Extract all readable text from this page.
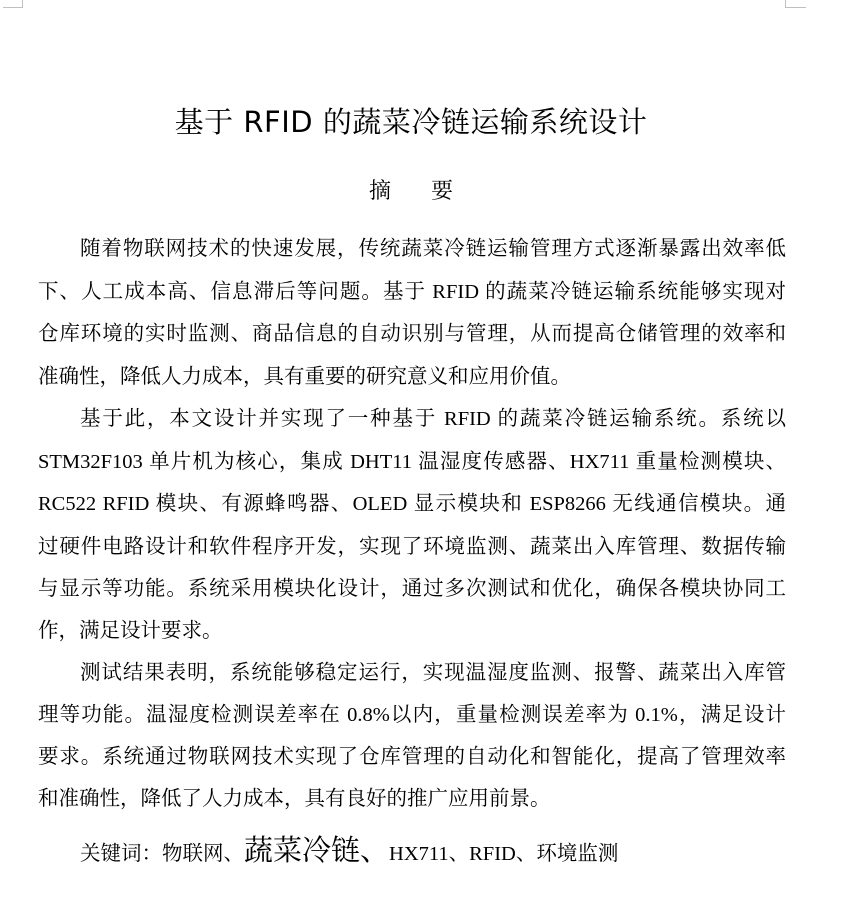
基于 RFID 的蔬菜冷链运输系统设计
摘 要
随着物联网技术的快速发展，传统蔬菜冷链运输管理方式逐渐暴露出效率低
下、人工成本高、信息滞后等问题。基于 RFID 的蔬菜冷链运输系统能够实现对
仓库环境的实时监测、商品信息的自动识别与管理，从而提高仓储管理的效率和
准确性，降低人力成本，具有重要的研究意义和应用价值。
基于此，本文设计并实现了一种基于 RFID 的蔬菜冷链运输系统。系统以
STM32F103 单片机为核心，集成 DHT11 温湿度传感器、HX711 重量检测模块、
RC522 RFID 模块、有源蜂鸣器、OLED 显示模块和 ESP8266 无线通信模块。通
过硬件电路设计和软件程序开发，实现了环境监测、蔬菜出入库管理、数据传输
与显示等功能。系统采用模块化设计，通过多次测试和优化，确保各模块协同工
作，满足设计要求。
测试结果表明，系统能够稳定运行，实现温湿度监测、报警、蔬菜出入库管
理等功能。温湿度检测误差率在 0.8%以内，重量检测误差率为 0.1%，满足设计
要求。系统通过物联网技术实现了仓库管理的自动化和智能化，提高了管理效率
和准确性，降低了人力成本，具有良好的推广应用前景。
关键词：物联网、蔬菜冷链、HX711、RFID、环境监测
